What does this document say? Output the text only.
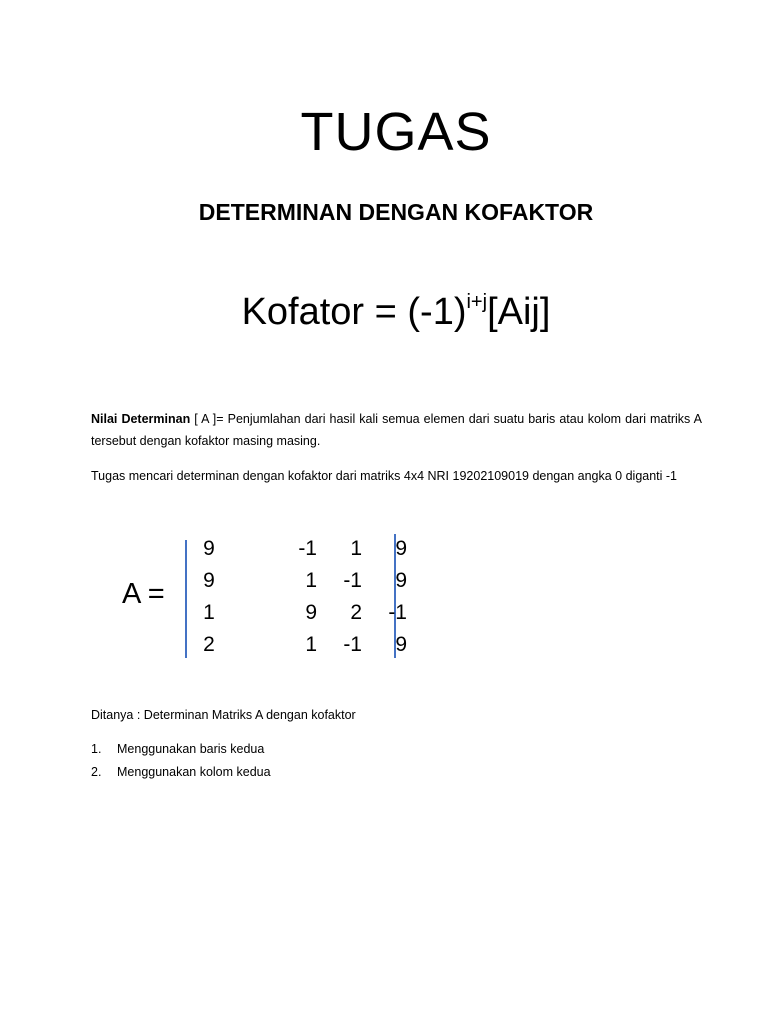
TUGAS
DETERMINAN DENGAN KOFAKTOR
Kofator = $(-1)^{i+j}[Aij]$
Nilai Determinan [ A ]= Penjumlahan dari hasil kali semua elemen dari suatu baris atau kolom dari matriks A tersebut dengan kofaktor masing masing.
Tugas mencari determinan dengan kofaktor dari matriks 4x4 NRI 19202109019 dengan angka 0 diganti -1
A =
9	-1	1	9
9	1	-1	9
1	9	2	-1
2	1	-1	9
Ditanya : Determinan Matriks A dengan kofaktor
1.	Menggunakan baris kedua
2.	Menggunakan kolom kedua
